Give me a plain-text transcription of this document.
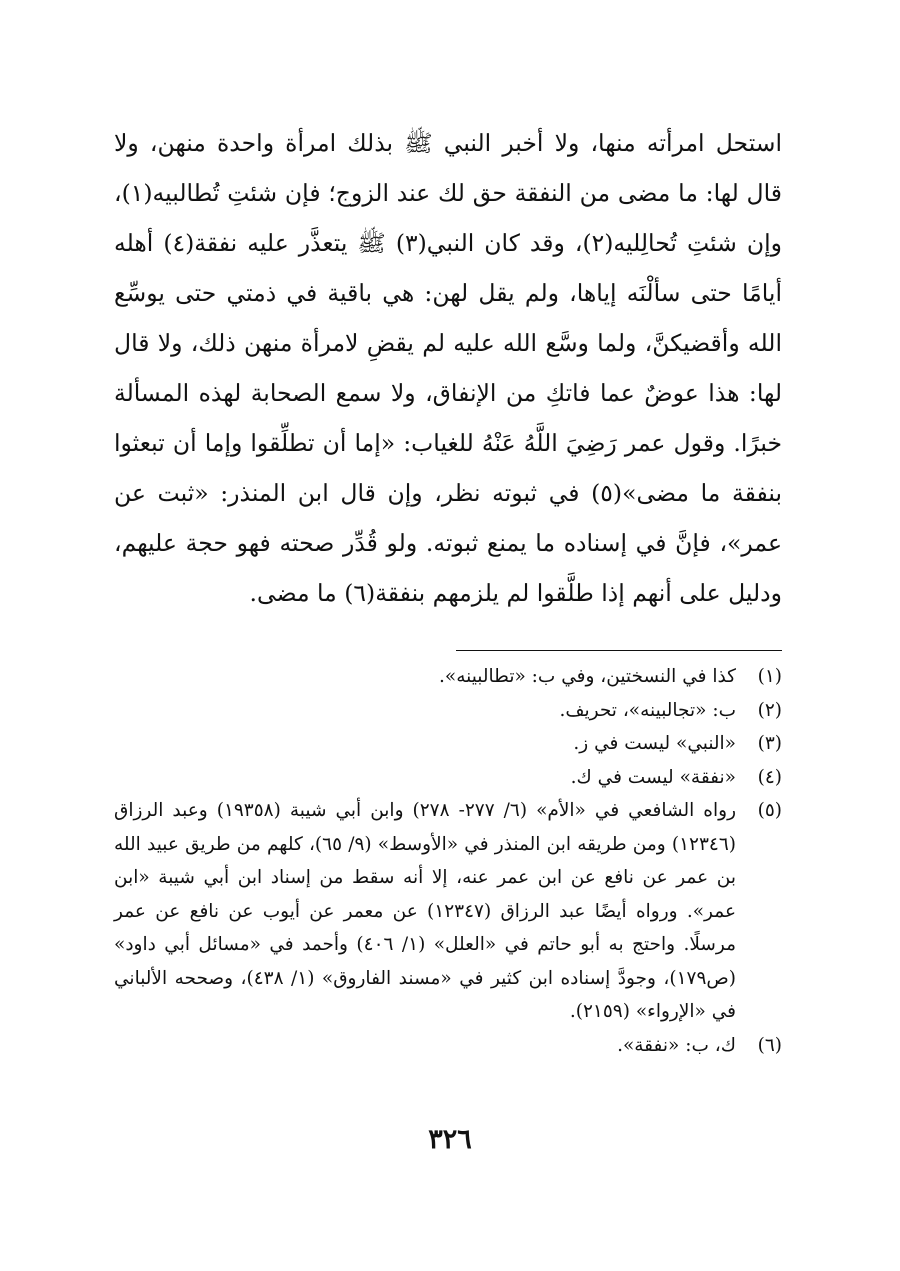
استحل امرأته منها، ولا أخبر النبي ﷺ بذلك امرأة واحدة منهن، ولا قال لها: ما مضى من النفقة حق لك عند الزوج؛ فإن شئتِ تُطالبيه(١)، وإن شئتِ تُحالِليه(٢)، وقد كان النبي(٣) ﷺ يتعذَّر عليه نفقة(٤) أهله أيامًا حتى سألْنَه إياها، ولم يقل لهن: هي باقية في ذمتي حتى يوسِّع الله وأقضيكنَّ، ولما وسَّع الله عليه لم يقضِ لامرأة منهن ذلك، ولا قال لها: هذا عوضٌ عما فاتكِ من الإنفاق، ولا سمع الصحابة لهذه المسألة خبرًا. وقول عمر رَضِيَ اللَّهُ عَنْهُ للغياب: «إما أن تطلِّقوا وإما أن تبعثوا بنفقة ما مضى»(٥) في ثبوته نظر، وإن قال ابن المنذر: «ثبت عن عمر»، فإنَّ في إسناده ما يمنع ثبوته. ولو قُدِّر صحته فهو حجة عليهم، ودليل على أنهم إذا طلَّقوا لم يلزمهم بنفقة(٦) ما مضى.

(١)
كذا في النسختين، وفي ب: «تطالبينه».
(٢)
ب: «تجالبينه»، تحريف.
(٣)
«النبي» ليست في ز.
(٤)
«نفقة» ليست في ك.
(٥)
رواه الشافعي في «الأم» (٦/ ٢٧٧- ٢٧٨) وابن أبي شيبة (١٩٣٥٨) وعبد الرزاق (١٢٣٤٦) ومن طريقه ابن المنذر في «الأوسط» (٩/ ٦٥)، كلهم من طريق عبيد الله بن عمر عن نافع عن ابن عمر عنه، إلا أنه سقط من إسناد ابن أبي شيبة «ابن عمر». ورواه أيضًا عبد الرزاق (١٢٣٤٧) عن معمر عن أيوب عن نافع عن عمر مرسلًا. واحتج به أبو حاتم في «العلل» (١/ ٤٠٦) وأحمد في «مسائل أبي داود» (ص١٧٩)، وجودَّ إسناده ابن كثير في «مسند الفاروق» (١/ ٤٣٨)، وصححه الألباني في «الإرواء» (٢١٥٩).
(٦)
ك، ب: «نفقة».
٣٢٦
